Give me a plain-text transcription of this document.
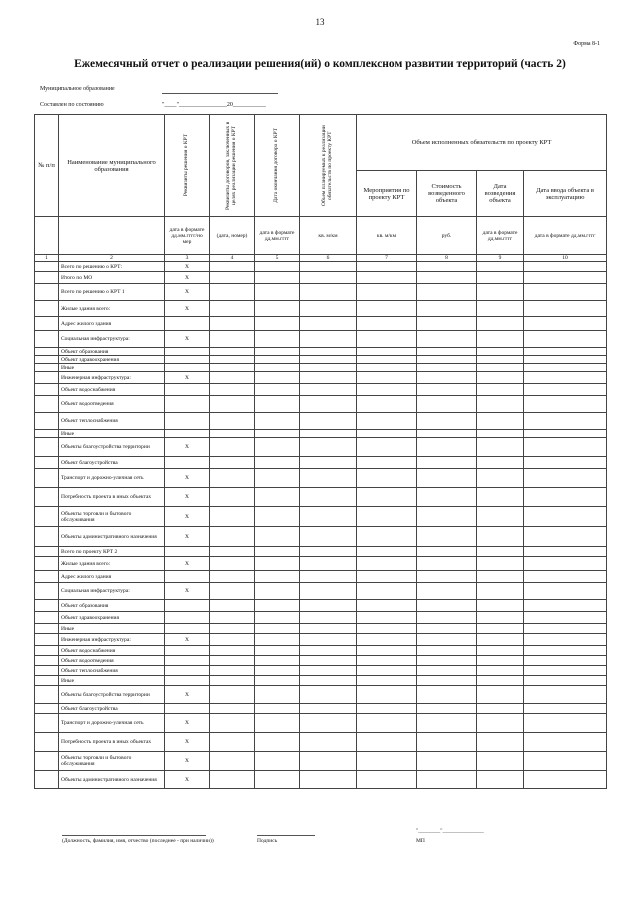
13
Форма 8-1
Ежемесячный отчет о реализации решения(ий) о комплексном развитии территорий (часть 2)
Муниципальное образование
Составлен по состоянию	"____"________________20___________
№ п/п	Наименование муниципального образования	Реквизиты решения о КРТ	Реквизиты договоров, заключенных в целях реализации решения о КРТ	Дата окончания договора о КРТ	Объем планируемых к реализации обязательств по проекту КРТ	Объем исполненных обязательств по проекту КРТ			
						Мероприятия по проекту КРТ	Стоимость возведенного объекта	Дата возведения объекта	Дата ввода объекта в эксплуатацию
		дата в формате дд.мм.гггг/но мер	(дата, номер)	дата в формате дд.мм.гггг	кв. м/км	кв. м/км	руб.	дата в формате дд.мм.гггг	дата в формате дд.мм.гггг
1	2	3	4	5	6	7	8	9	10
	Всего по решению о КРТ:	X							
	Итого по МО	X							
	Всего по решению о КРТ 1	X							
	Жилые здания всего:	X							
	Адрес жилого здания								
	Социальная инфраструктура:	X							
	Объект образования								
	Объект здравоохранения								
	Иные								
	Инженерная инфраструктура:	X							
	Объект водоснабжения								
	Объект водоотведения								
	Объект теплоснабжения								
	Иные								
	Объекты благоустройства территории	X							
	Объект благоустройства								
	Транспорт и дорожно-уличная сеть	X							
	Потребность проекта в иных объектах	X							
	Объекты торговли и бытового обслуживания	X							
	Объекты административного назначения	X							
	Всего по проекту КРТ 2								
	Жилые здания всего:	X							
	Адрес жилого здания								
	Социальная инфраструктура:	X							
	Объект образования								
	Объект здравоохранения								
	Иные								
	Инженерная инфраструктура:	X							
	Объект водоснабжения								
	Объект водоотведения								
	Объект теплоснабжения								
	Иные								
	Объекты благоустройства территории	X							
	Объект благоустройства								
	Транспорт и дорожно-уличная сеть	X							
	Потребность проекта в иных объектах	X							
	Объекты торговли и бытового обслуживания	X							
	Объекты административного назначения	X							
(Должность, фамилия, имя, отчество (последнее - при наличии))	Подпись
"________"_______________
МП
